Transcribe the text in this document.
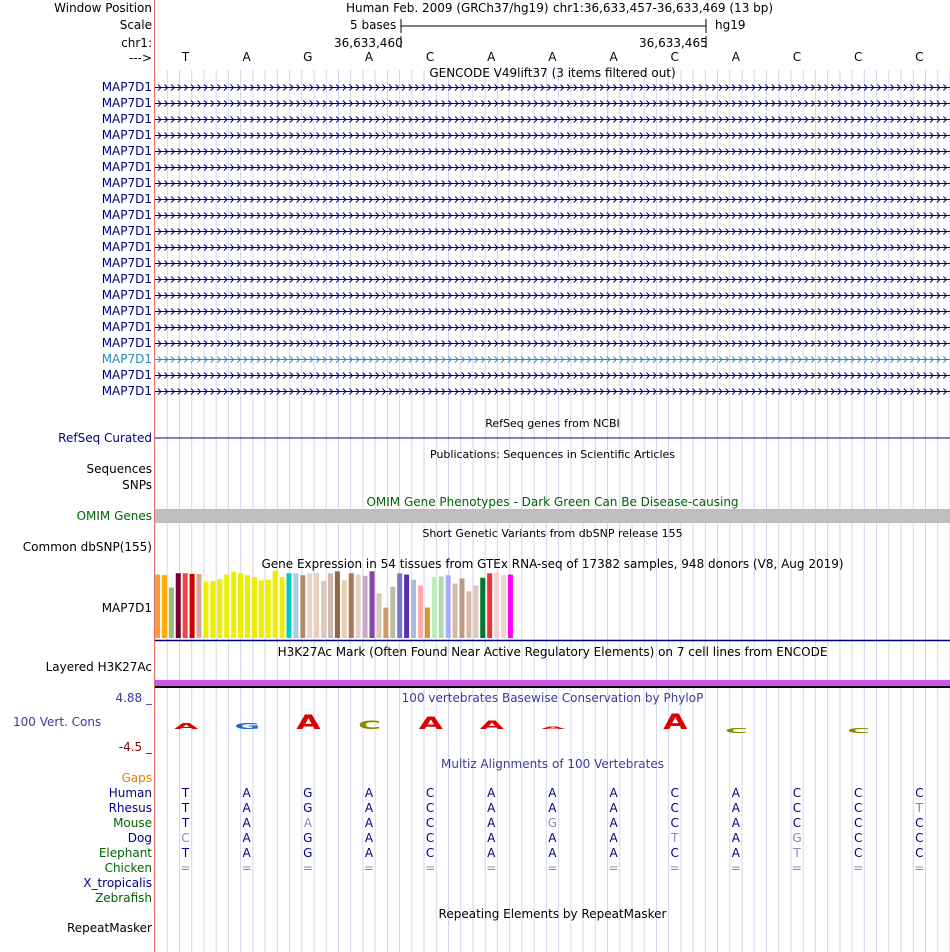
Window Position
Scale
chr1:
--->
Human Feb. 2009 (GRCh37/hg19) chr1:36,633,457-36,633,469 (13 bp)
5 bases	hg19
36,633,460	36,633,465
T	A	G	A	C	A	A	A	C	A	C	C	C
GENCODE V49lift37 (3 items filtered out)
MAP7D1
MAP7D1
MAP7D1
MAP7D1
MAP7D1
MAP7D1
MAP7D1
MAP7D1
MAP7D1
MAP7D1
MAP7D1
MAP7D1
MAP7D1
MAP7D1
MAP7D1
MAP7D1
MAP7D1
MAP7D1
MAP7D1
MAP7D1
RefSeq genes from NCBI
RefSeq Curated
Publications: Sequences in Scientific Articles
Sequences
SNPs
OMIM Gene Phenotypes - Dark Green Can Be Disease-causing
OMIM Genes
Short Genetic Variants from dbSNP release 155
Common dbSNP(155)
Gene Expression in 54 tissues from GTEx RNA-seq of 17382 samples, 948 donors (V8, Aug 2019)
MAP7D1
H3K27Ac Mark (Often Found Near Active Regulatory Elements) on 7 cell lines from ENCODE
Layered H3K27Ac
100 vertebrates Basewise Conservation by PhyloP
4.88 _
100 Vert. Cons
-4.5 _
A	G	A	C	A	A	A	A	C	C
Multiz Alignments of 100 Vertebrates
Gaps
Human	T	A	G	A	C	A	A	A	C	A	C	C	C
Rhesus	T	A	G	A	C	A	A	A	C	A	C	C	T
Mouse	T	A	A	A	C	A	G	A	C	A	C	C	C
Dog	C	A	G	A	C	A	A	A	T	A	G	C	C
Elephant	T	A	G	A	C	A	A	A	C	A	T	C	C
Chicken	=	=	=	=	=	=	=	=	=	=	=	=	=
X_tropicalis
Zebrafish
Repeating Elements by RepeatMasker
RepeatMasker
